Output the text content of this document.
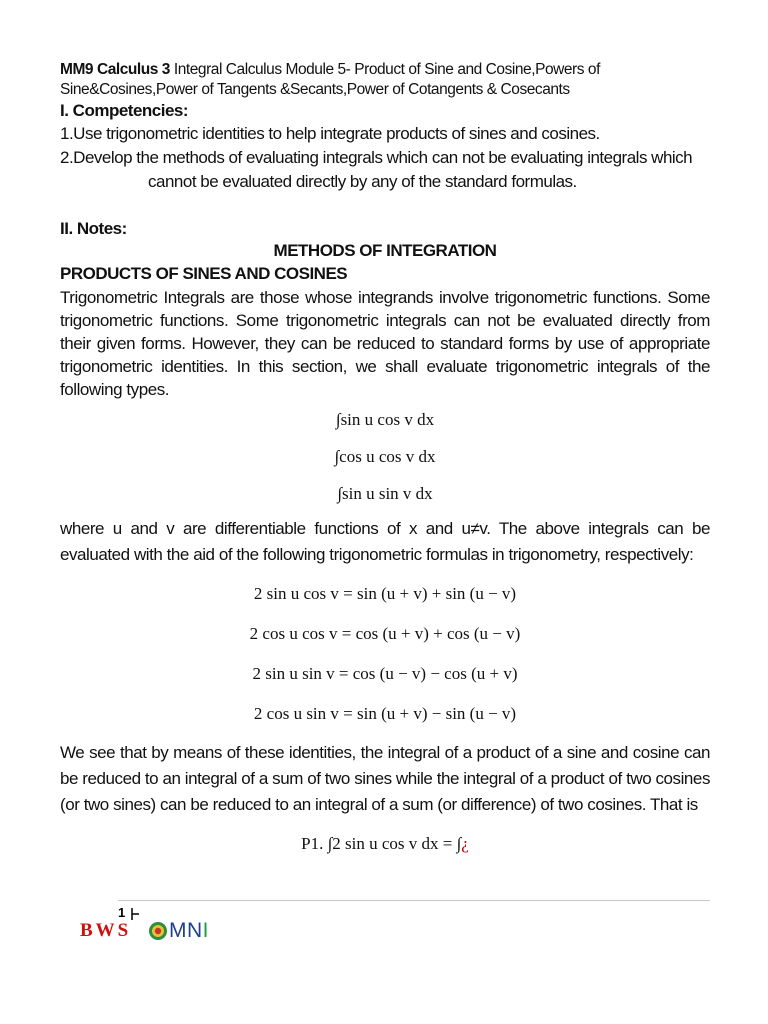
MM9 Calculus 3 Integral Calculus Module 5- Product of Sine and Cosine,Powers of
Sine&Cosines,Power of Tangents &Secants,Power of Cotangents & Cosecants
I. Competencies:
1.Use trigonometric identities to help integrate products of sines and cosines.
2.Develop the methods of evaluating integrals which can not be evaluating integrals which
cannot be evaluated directly by any of the standard formulas.
II. Notes:
METHODS OF INTEGRATION
PRODUCTS OF SINES AND COSINES
Trigonometric Integrals are those whose integrands involve trigonometric functions. Some trigonometric functions. Some trigonometric integrals can not be evaluated directly from their given forms. However, they can be reduced to standard forms by use of appropriate trigonometric identities. In this section, we shall evaluate trigonometric integrals of the following types.
∫sin u cos v dx
∫cos u cos v dx
∫sin u sin v dx
where u and v are differentiable functions of x and u≠v. The above integrals can be evaluated with the aid of the following trigonometric formulas in trigonometry, respectively:
2 sin u cos v = sin (u + v) + sin (u − v)
2 cos u cos v = cos (u + v) + cos (u − v)
2 sin u sin v = cos (u − v) − cos (u + v)
2 cos u sin v = sin (u + v) − sin (u − v)
We see that by means of these identities, the integral of a product of a sine and cosine can be reduced to an integral of a sum of two sines while the integral of a product of two cosines (or two sines) can be reduced to an integral of a sum (or difference) of two cosines. That is
P1. ∫2 sin u cos v dx = ∫¿
1
BWS MN I
